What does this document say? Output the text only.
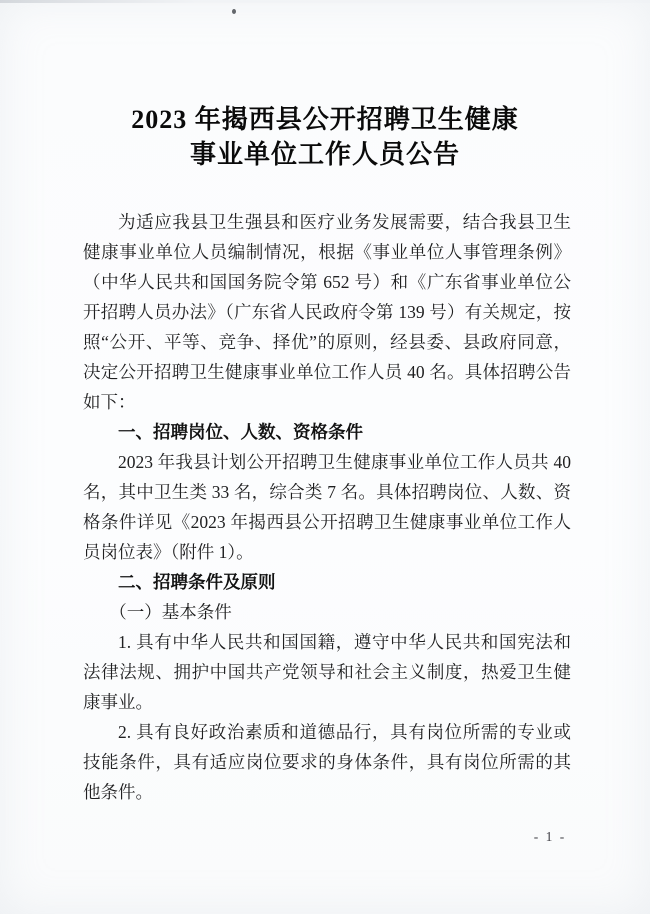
2023 年揭西县公开招聘卫生健康
事业单位工作人员公告

为适应我县卫生强县和医疗业务发展需要，结合我县卫生健康事业单位人员编制情况，根据《事业单位人事管理条例》（中华人民共和国国务院令第 652 号）和《广东省事业单位公开招聘人员办法》（广东省人民政府令第 139 号）有关规定，按照“公开、平等、竞争、择优”的原则，经县委、县政府同意，决定公开招聘卫生健康事业单位工作人员 40 名。具体招聘公告如下：

一、招聘岗位、人数、资格条件

2023 年我县计划公开招聘卫生健康事业单位工作人员共 40 名，其中卫生类 33 名，综合类 7 名。具体招聘岗位、人数、资格条件详见《2023 年揭西县公开招聘卫生健康事业单位工作人员岗位表》（附件 1）。

二、招聘条件及原则

（一）基本条件

1. 具有中华人民共和国国籍，遵守中华人民共和国宪法和法律法规、拥护中国共产党领导和社会主义制度，热爱卫生健康事业。

2. 具有良好政治素质和道德品行，具有岗位所需的专业或技能条件，具有适应岗位要求的身体条件，具有岗位所需的其他条件。

- 1 -
